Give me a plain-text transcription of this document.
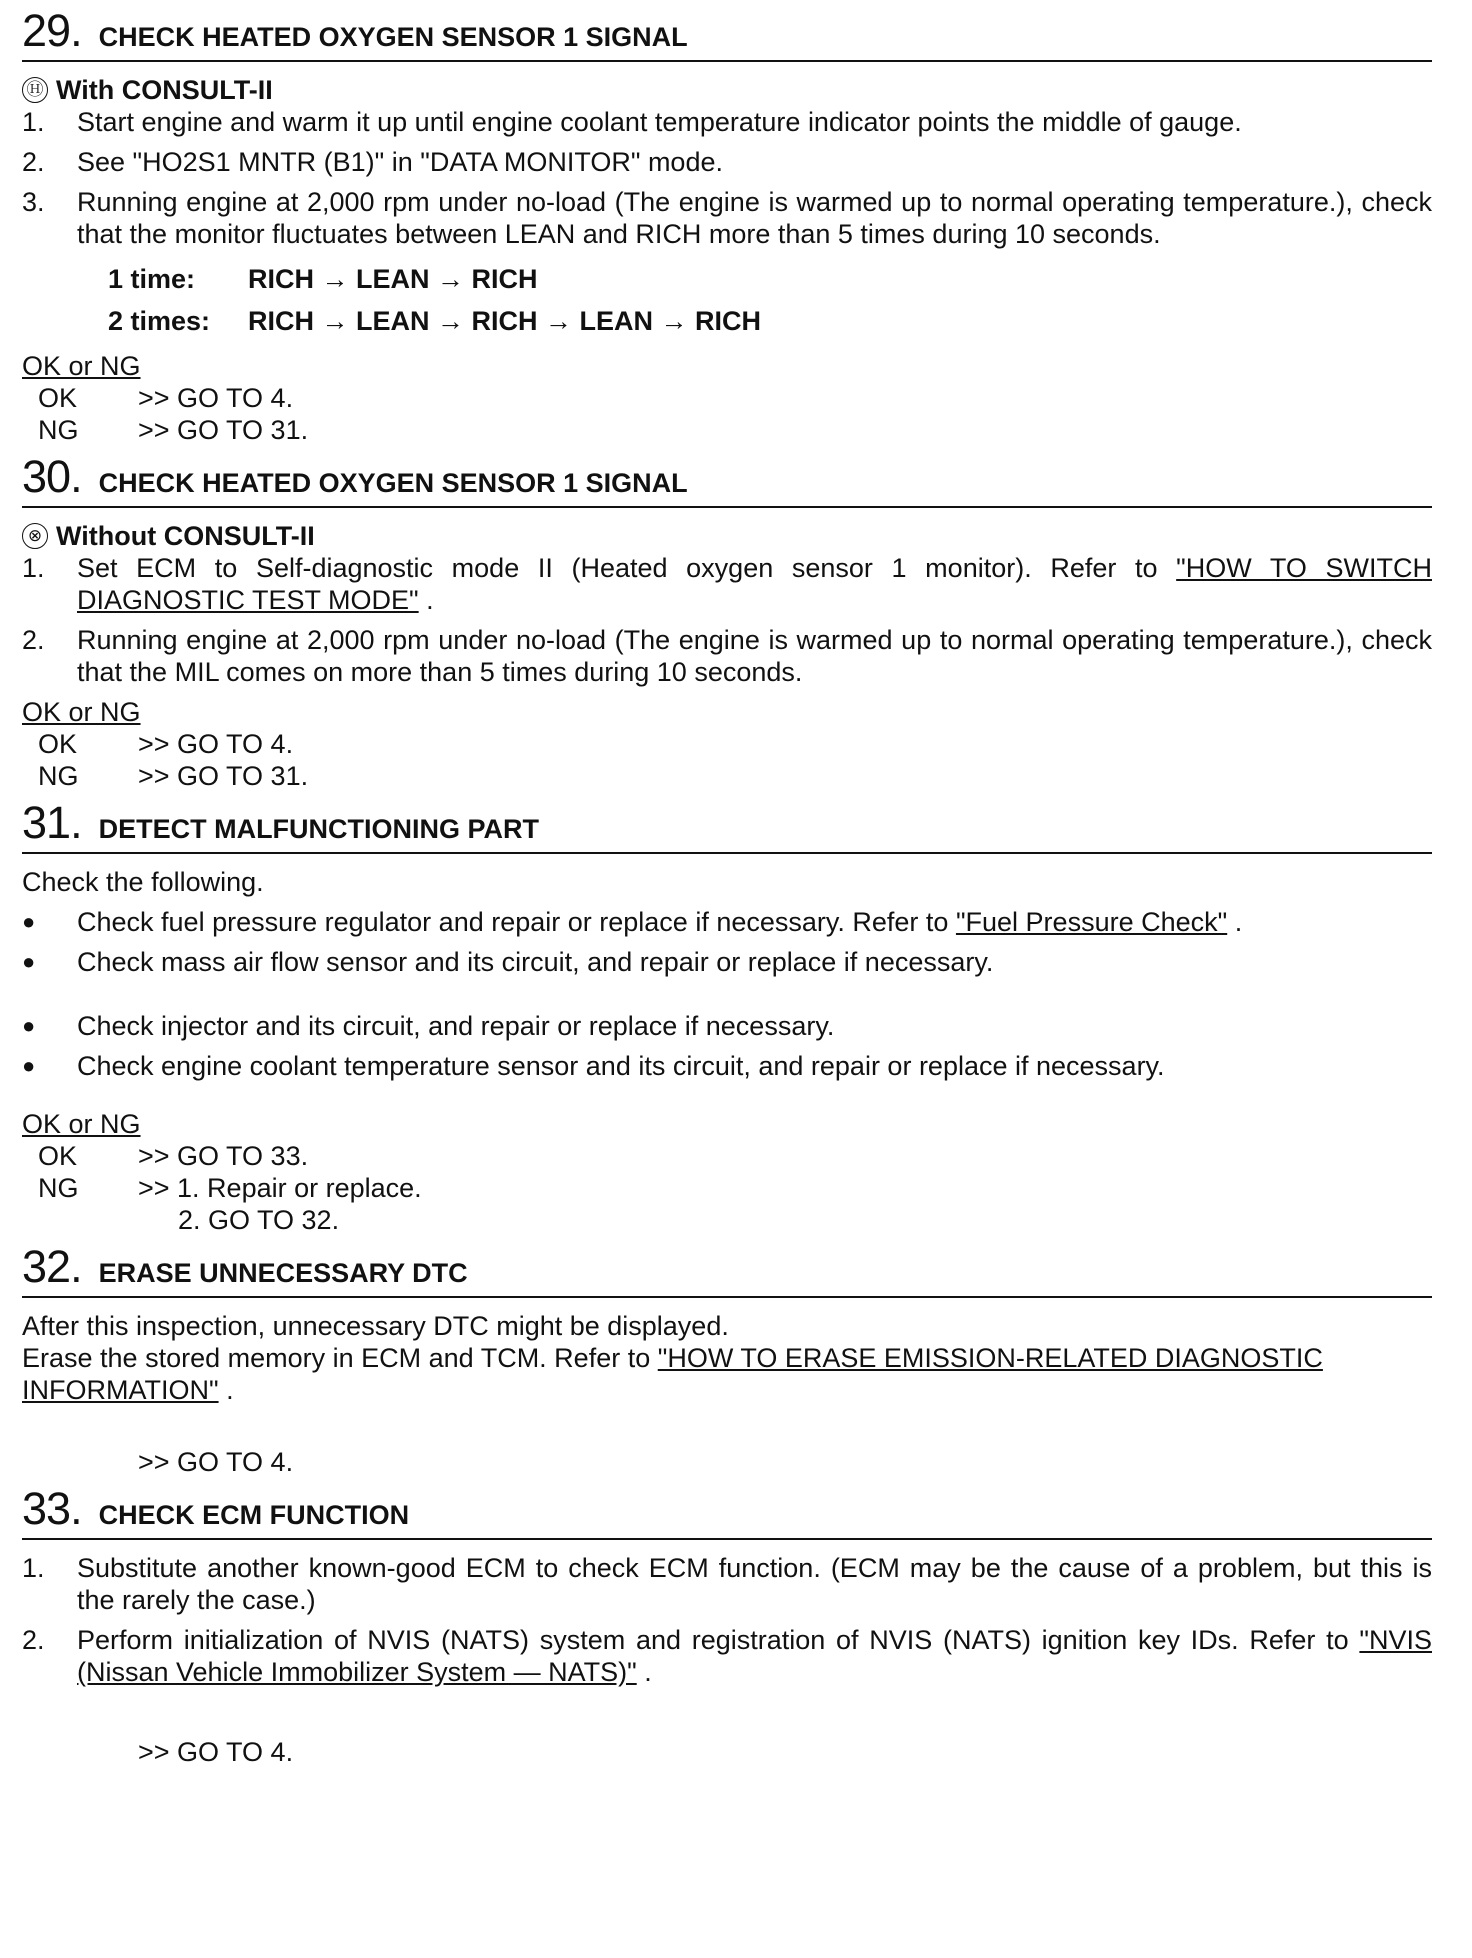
29 . CHECK HEATED OXYGEN SENSOR 1 SIGNAL
Ⓗ With CONSULT-II
1.	Start engine and warm it up until engine coolant temperature indicator points the middle of gauge.
2.	See "HO2S1 MNTR (B1)" in "DATA MONITOR" mode.
3.	Running engine at 2,000 rpm under no-load (The engine is warmed up to normal operating temperature.), check that the monitor fluctuates between LEAN and RICH more than 5 times during 10 seconds.
1 time:	RICH → LEAN → RICH
2 times:	RICH → LEAN → RICH → LEAN → RICH
OK or NG
OK	>> GO TO 4.
NG	>> GO TO 31.
30 . CHECK HEATED OXYGEN SENSOR 1 SIGNAL
⊗ Without CONSULT-II
1.	Set ECM to Self-diagnostic mode II (Heated oxygen sensor 1 monitor). Refer to "HOW TO SWITCH DIAGNOSTIC TEST MODE" .
2.	Running engine at 2,000 rpm under no-load (The engine is warmed up to normal operating temperature.), check that the MIL comes on more than 5 times during 10 seconds.
OK or NG
OK	>> GO TO 4.
NG	>> GO TO 31.
31 . DETECT MALFUNCTIONING PART

Check the following.

●	Check fuel pressure regulator and repair or replace if necessary. Refer to "Fuel Pressure Check" .
●	Check mass air flow sensor and its circuit, and repair or replace if necessary.
●	Check injector and its circuit, and repair or replace if necessary.
●	Check engine coolant temperature sensor and its circuit, and repair or replace if necessary.
OK or NG
OK	>> GO TO 33.
NG	>> 1. Repair or replace.
2. GO TO 32.
32 . ERASE UNNECESSARY DTC

After this inspection, unnecessary DTC might be displayed.

Erase the stored memory in ECM and TCM. Refer to "HOW TO ERASE EMISSION-RELATED DIAGNOSTIC INFORMATION" .

>> GO TO 4.
33 . CHECK ECM FUNCTION
1.	Substitute another known-good ECM to check ECM function. (ECM may be the cause of a problem, but this is the rarely the case.)
2.	Perform initialization of NVIS (NATS) system and registration of NVIS (NATS) ignition key IDs. Refer to "NVIS (Nissan Vehicle Immobilizer System — NATS)" .
>> GO TO 4.
